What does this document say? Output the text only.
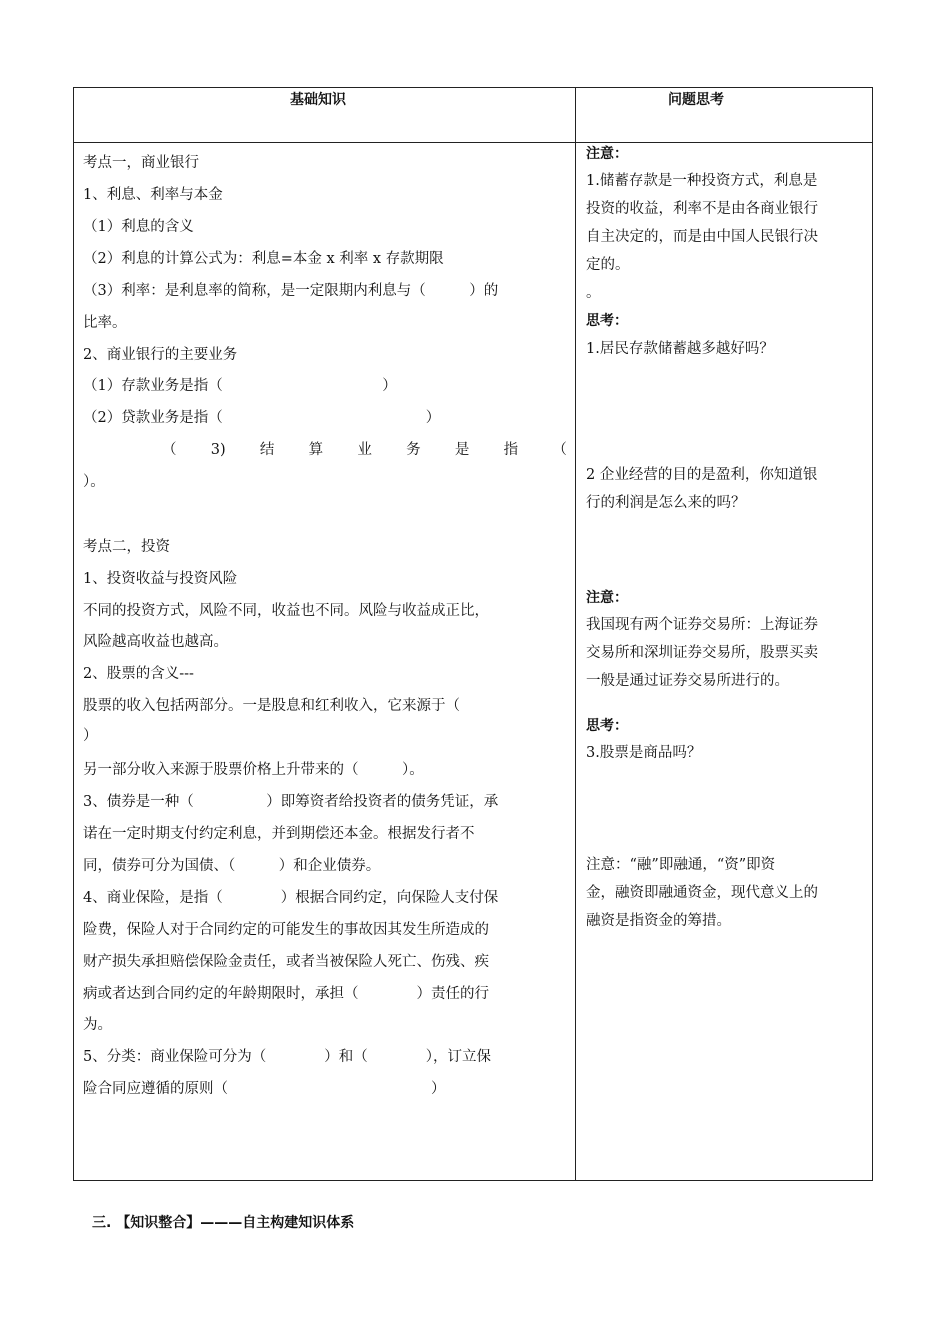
基础知识	问题思考
考点一，商业银行
1、利息、利率与本金
（1）利息的含义
（2）利息的计算公式为：利息=本金 x 利率 x 存款期限
（3）利率：是利息率的简称，是一定限期内利息与（　　　）的
比率。
2、商业银行的主要业务
（1）存款业务是指（　　　　　　　　　　　）
（2）贷款业务是指（　　　　　　　　　　　　　　）
（ 3) 结 算 业 务 是 指 （
）。
考点二，投资
1、投资收益与投资风险
不同的投资方式，风险不同，收益也不同。风险与收益成正比，
风险越高收益也越高。
2、股票的含义---
股票的收入包括两部分。一是股息和红利收入，它来源于（
）
另一部分收入来源于股票价格上升带来的（　　　）。
3、债券是一种（　　　　　）即筹资者给投资者的债务凭证，承
诺在一定时期支付约定利息，并到期偿还本金。根据发行者不
同，债券可分为国债、（　　　）和企业债券。
4、商业保险，是指（　　　　）根据合同约定，向保险人支付保
险费，保险人对于合同约定的可能发生的事故因其发生所造成的
财产损失承担赔偿保险金责任，或者当被保险人死亡、伤残、疾
病或者达到合同约定的年龄期限时，承担（　　　　）责任的行
为。
5、分类：商业保险可分为（　　　　）和（　　　　），订立保
险合同应遵循的原则（　　　　　　　　　　　　　　）
注意：
1.储蓄存款是一种投资方式，利息是
投资的收益，利率不是由各商业银行
自主决定的，而是由中国人民银行决
定的。
。
思考：
1.居民存款储蓄越多越好吗？
2 企业经营的目的是盈利，你知道银
行的利润是怎么来的吗？
注意：
我国现有两个证券交易所：上海证券
交易所和深圳证券交易所，股票买卖
一般是通过证券交易所进行的。
思考：
3.股票是商品吗？
注意：“融”即融通，“资”即资
金，融资即融通资金，现代意义上的
融资是指资金的筹措。
三. 【知识整合】———自主构建知识体系
